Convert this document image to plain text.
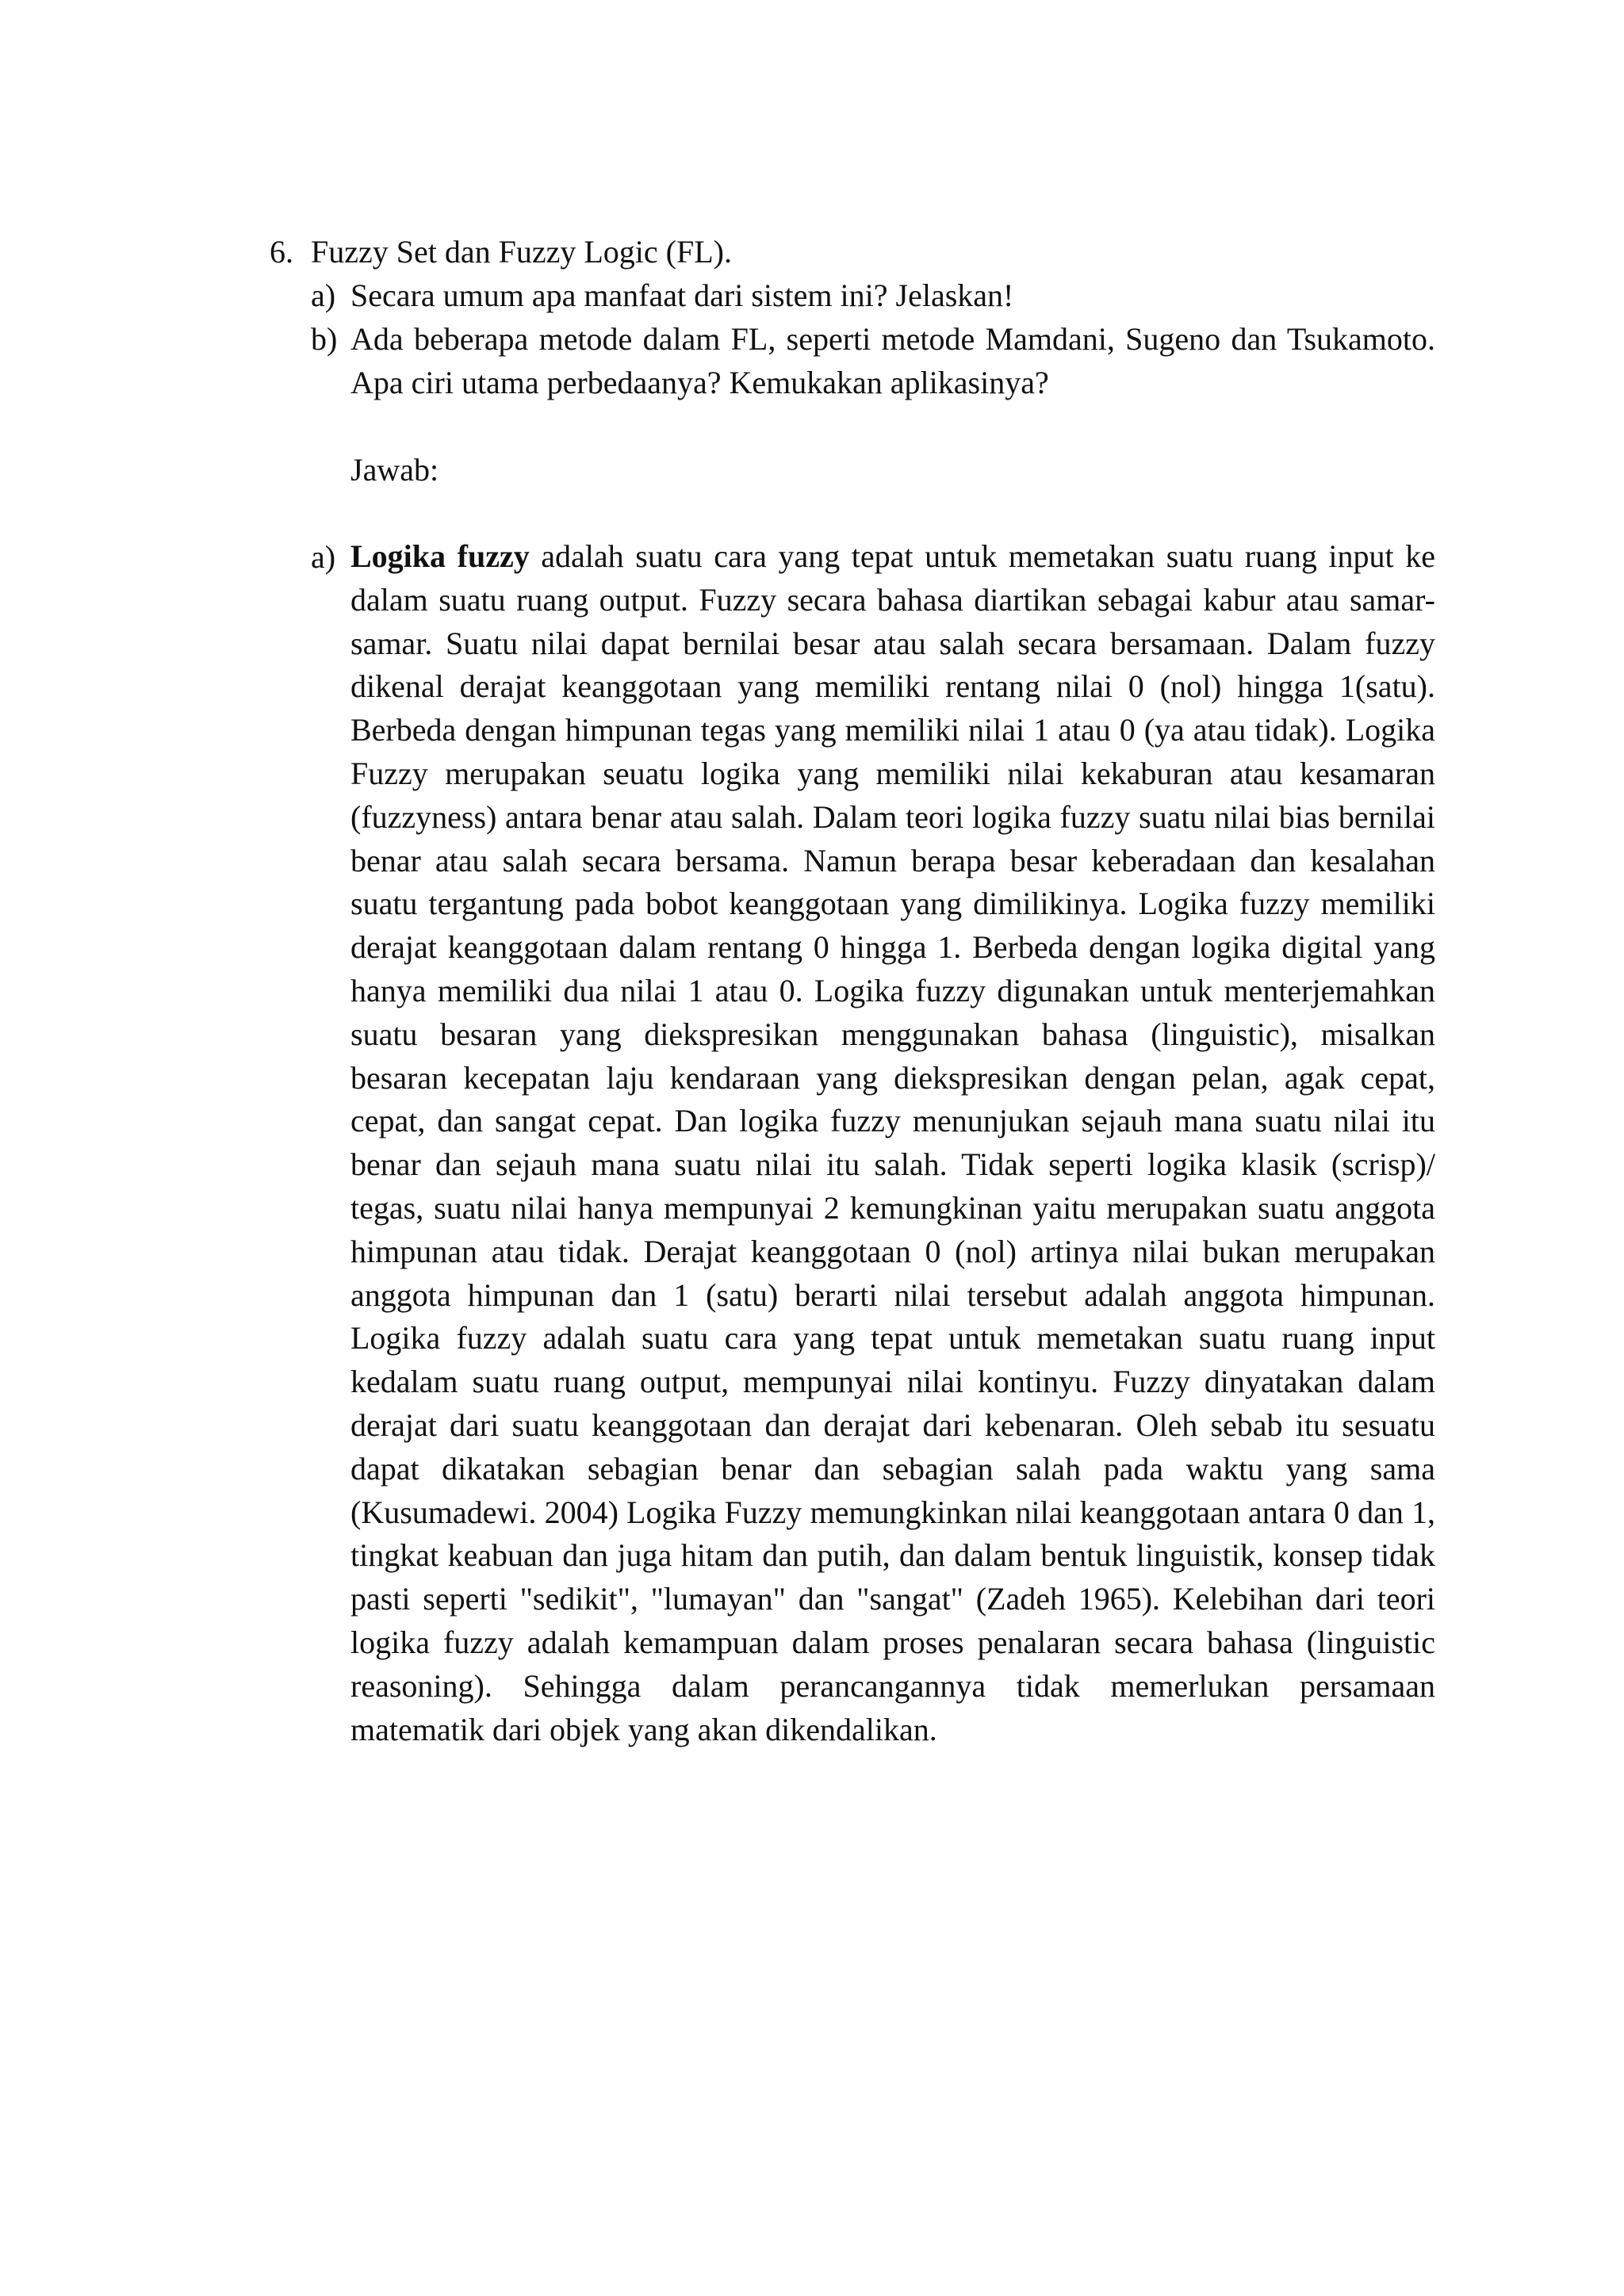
6. Fuzzy Set dan Fuzzy Logic (FL).
a) Secara umum apa manfaat dari sistem ini? Jelaskan!
b) Ada beberapa metode dalam FL, seperti metode Mamdani, Sugeno dan Tsukamoto. Apa ciri utama perbedaanya? Kemukakan aplikasinya?
Jawab:
a) Logika fuzzy adalah suatu cara yang tepat untuk memetakan suatu ruang input ke dalam suatu ruang output. Fuzzy secara bahasa diartikan sebagai kabur atau samar-samar. Suatu nilai dapat bernilai besar atau salah secara bersamaan. Dalam fuzzy dikenal derajat keanggotaan yang memiliki rentang nilai 0 (nol) hingga 1(satu). Berbeda dengan himpunan tegas yang memiliki nilai 1 atau 0 (ya atau tidak). Logika Fuzzy merupakan seuatu logika yang memiliki nilai kekaburan atau kesamaran (fuzzyness) antara benar atau salah. Dalam teori logika fuzzy suatu nilai bias bernilai benar atau salah secara bersama. Namun berapa besar keberadaan dan kesalahan suatu tergantung pada bobot keanggotaan yang dimilikinya. Logika fuzzy memiliki derajat keanggotaan dalam rentang 0 hingga 1. Berbeda dengan logika digital yang hanya memiliki dua nilai 1 atau 0. Logika fuzzy digunakan untuk menterjemahkan suatu besaran yang diekspresikan menggunakan bahasa (linguistic), misalkan besaran kecepatan laju kendaraan yang diekspresikan dengan pelan, agak cepat, cepat, dan sangat cepat. Dan logika fuzzy menunjukan sejauh mana suatu nilai itu benar dan sejauh mana suatu nilai itu salah. Tidak seperti logika klasik (scrisp)/ tegas, suatu nilai hanya mempunyai 2 kemungkinan yaitu merupakan suatu anggota himpunan atau tidak. Derajat keanggotaan 0 (nol) artinya nilai bukan merupakan anggota himpunan dan 1 (satu) berarti nilai tersebut adalah anggota himpunan. Logika fuzzy adalah suatu cara yang tepat untuk memetakan suatu ruang input kedalam suatu ruang output, mempunyai nilai kontinyu. Fuzzy dinyatakan dalam derajat dari suatu keanggotaan dan derajat dari kebenaran. Oleh sebab itu sesuatu dapat dikatakan sebagian benar dan sebagian salah pada waktu yang sama (Kusumadewi. 2004) Logika Fuzzy memungkinkan nilai keanggotaan antara 0 dan 1, tingkat keabuan dan juga hitam dan putih, dan dalam bentuk linguistik, konsep tidak pasti seperti "sedikit", "lumayan" dan "sangat" (Zadeh 1965). Kelebihan dari teori logika fuzzy adalah kemampuan dalam proses penalaran secara bahasa (linguistic reasoning). Sehingga dalam perancangannya tidak memerlukan persamaan matematik dari objek yang akan dikendalikan.
